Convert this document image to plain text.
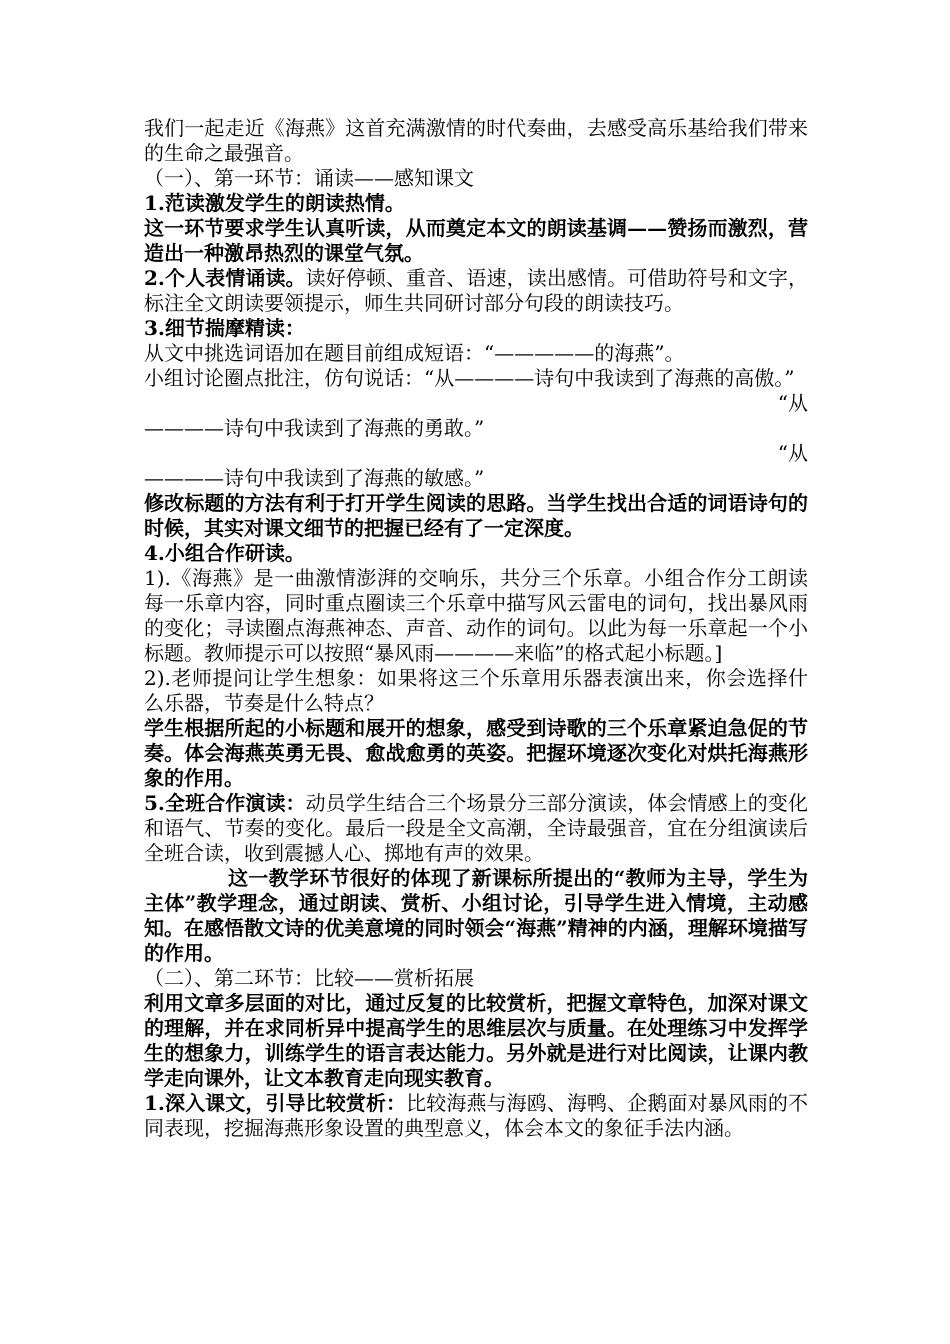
我们一起走近《海燕》这首充满激情的时代奏曲，去感受高乐基给我们带来的生命之最强音。

（一）、第一环节：诵读——感知课文

1.范读激发学生的朗读热情。

这一环节要求学生认真听读，从而奠定本文的朗读基调——赞扬而激烈，营造出一种激昂热烈的课堂气氛。

2.个人表情诵读。读好停顿、重音、语速，读出感情。可借助符号和文字，标注全文朗读要领提示，师生共同研讨部分句段的朗读技巧。

3.细节揣摩精读：

从文中挑选词语加在题目前组成短语：“—————的海燕”。

小组讨论圈点批注，仿句说话：“从————诗句中我读到了海燕的高傲。”

“从

————诗句中我读到了海燕的勇敢。”

“从

————诗句中我读到了海燕的敏感。”

修改标题的方法有利于打开学生阅读的思路。当学生找出合适的词语诗句的时候，其实对课文细节的把握已经有了一定深度。

4.小组合作研读。

1).《海燕》是一曲激情澎湃的交响乐，共分三个乐章。小组合作分工朗读每一乐章内容，同时重点圈读三个乐章中描写风云雷电的词句，找出暴风雨的变化；寻读圈点海燕神态、声音、动作的词句。以此为每一乐章起一个小标题。教师提示可以按照“暴风雨————来临”的格式起小标题。]

2).老师提问让学生想象：如果将这三个乐章用乐器表演出来，你会选择什么乐器，节奏是什么特点？

学生根据所起的小标题和展开的想象，感受到诗歌的三个乐章紧迫急促的节奏。体会海燕英勇无畏、愈战愈勇的英姿。把握环境逐次变化对烘托海燕形象的作用。

5.全班合作演读：动员学生结合三个场景分三部分演读，体会情感上的变化和语气、节奏的变化。最后一段是全文高潮，全诗最强音，宜在分组演读后全班合读，收到震撼人心、掷地有声的效果。

这一教学环节很好的体现了新课标所提出的“教师为主导，学生为主体”教学理念，通过朗读、赏析、小组讨论，引导学生进入情境，主动感知。在感悟散文诗的优美意境的同时领会“海燕”精神的内涵，理解环境描写的作用。

（二）、第二环节：比较——赏析拓展

利用文章多层面的对比，通过反复的比较赏析，把握文章特色，加深对课文的理解，并在求同析异中提高学生的思维层次与质量。在处理练习中发挥学生的想象力，训练学生的语言表达能力。另外就是进行对比阅读，让课内教学走向课外，让文本教育走向现实教育。

1.深入课文，引导比较赏析：比较海燕与海鸥、海鸭、企鹅面对暴风雨的不同表现，挖掘海燕形象设置的典型意义，体会本文的象征手法内涵。
